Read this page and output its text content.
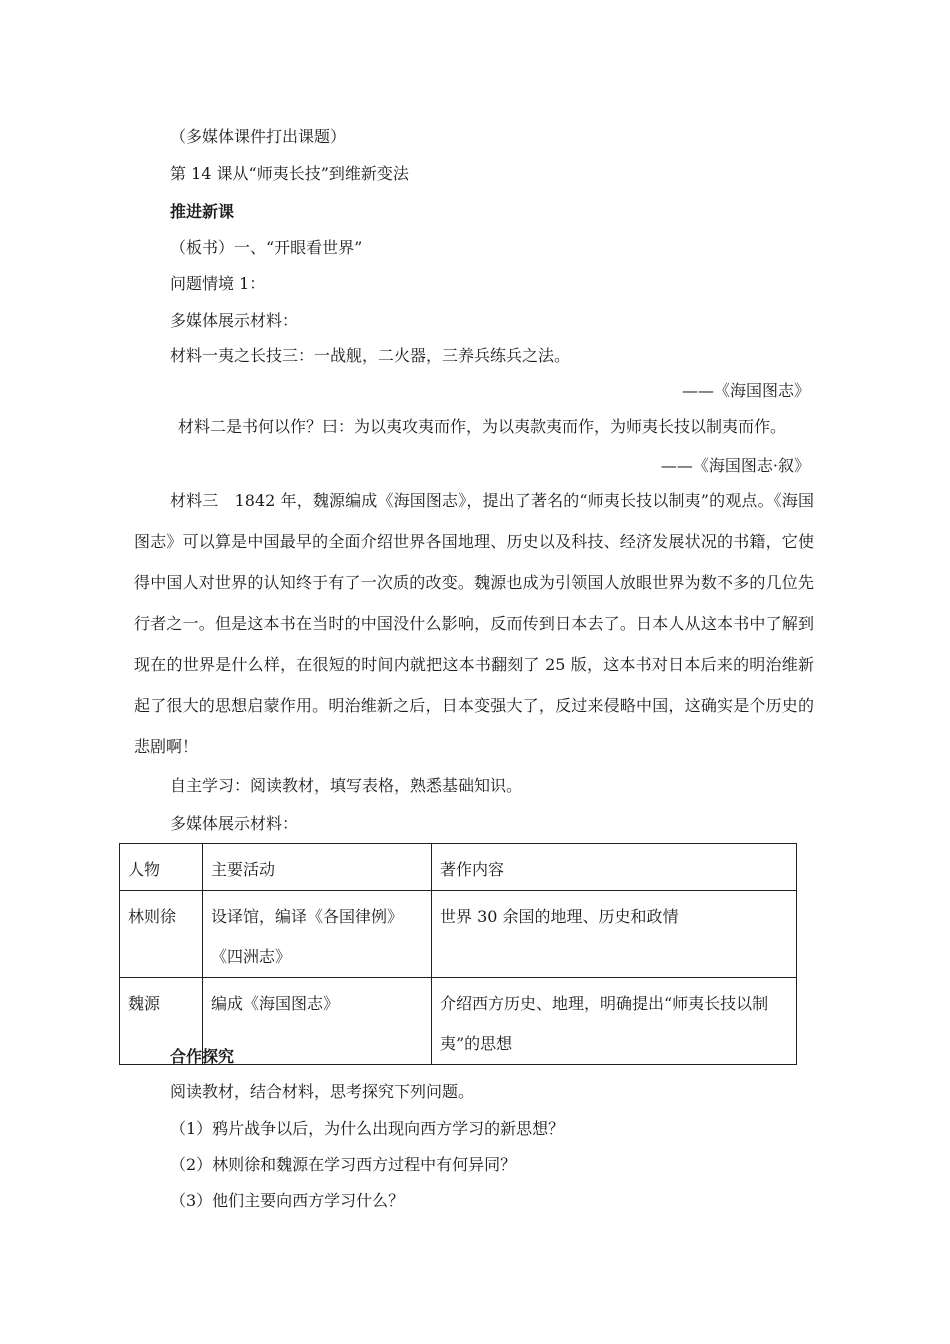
（多媒体课件打出课题）
第 14 课从“师夷长技”到维新变法
推进新课
（板书）一、“开眼看世界”
问题情境 1：
多媒体展示材料：
材料一夷之长技三：一战舰，二火器，三养兵练兵之法。
——《海国图志》
材料二是书何以作？曰：为以夷攻夷而作，为以夷款夷而作，为师夷长技以制夷而作。
——《海国图志·叙》
材料三　1842 年，魏源编成《海国图志》，提出了著名的“师夷长技以制夷”的观点。《海国图志》可以算是中国最早的全面介绍世界各国地理、历史以及科技、经济发展状况的书籍，它使得中国人对世界的认知终于有了一次质的改变。魏源也成为引领国人放眼世界为数不多的几位先行者之一。但是这本书在当时的中国没什么影响，反而传到日本去了。日本人从这本书中了解到现在的世界是什么样，在很短的时间内就把这本书翻刻了 25 版，这本书对日本后来的明治维新起了很大的思想启蒙作用。明治维新之后，日本变强大了，反过来侵略中国，这确实是个历史的悲剧啊！
自主学习：阅读教材，填写表格，熟悉基础知识。
多媒体展示材料：
人物	主要活动	著作内容
林则徐	设译馆，编译《各国律例》《四洲志》	世界 30 余国的地理、历史和政情
魏源	编成《海国图志》	介绍西方历史、地理，明确提出“师夷长技以制夷”的思想
合作探究
阅读教材，结合材料，思考探究下列问题。
（1）鸦片战争以后，为什么出现向西方学习的新思想？
（2）林则徐和魏源在学习西方过程中有何异同？
（3）他们主要向西方学习什么？
